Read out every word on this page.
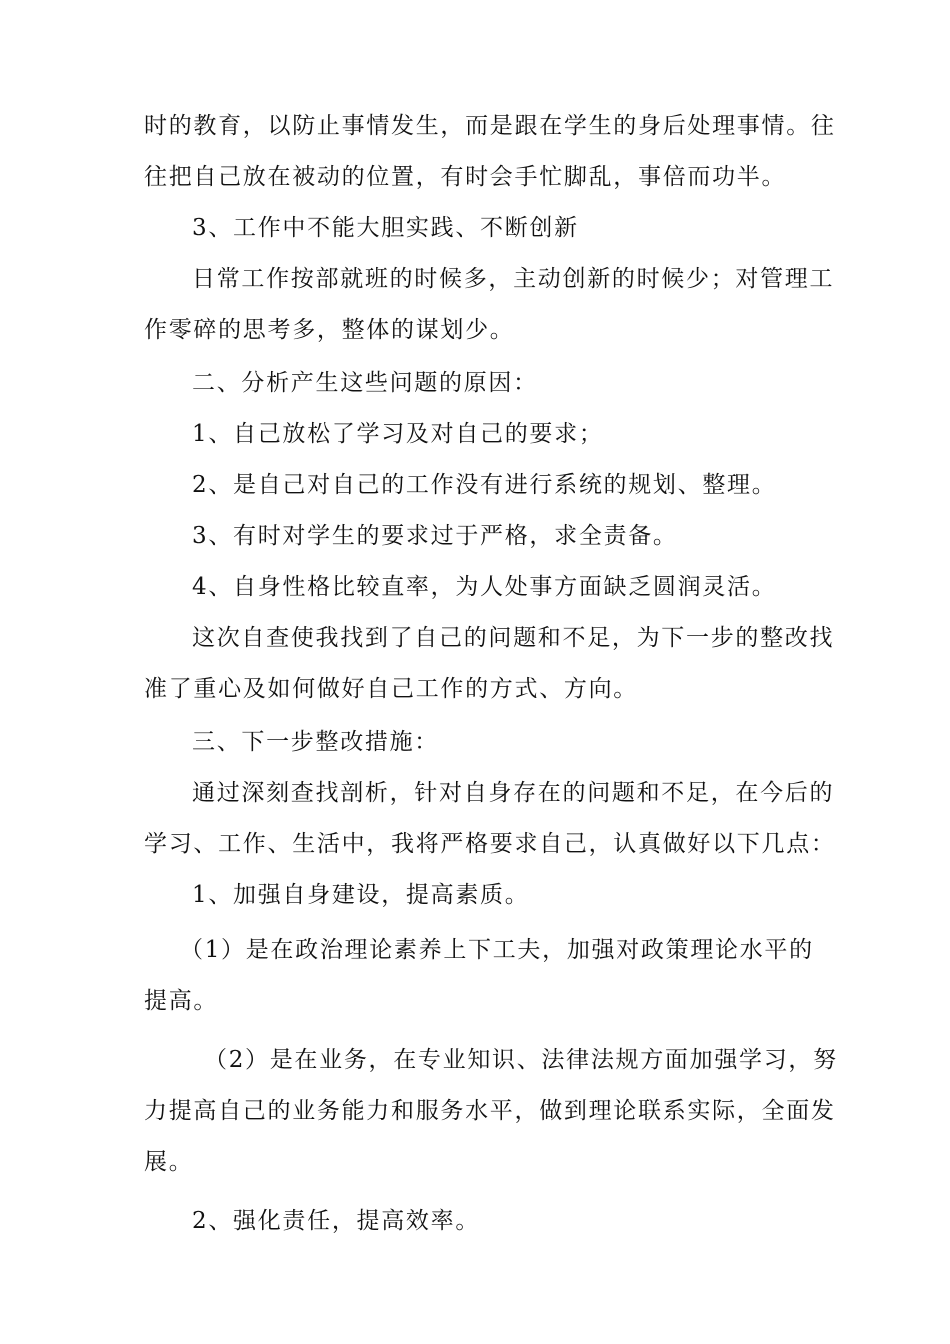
时的教育，以防止事情发生，而是跟在学生的身后处理事情。往
往把自己放在被动的位置，有时会手忙脚乱，事倍而功半。
3、工作中不能大胆实践、不断创新
日常工作按部就班的时候多，主动创新的时候少；对管理工
作零碎的思考多，整体的谋划少。
二、分析产生这些问题的原因：
1、自己放松了学习及对自己的要求；
2、是自己对自己的工作没有进行系统的规划、整理。
3、有时对学生的要求过于严格，求全责备。
4、自身性格比较直率，为人处事方面缺乏圆润灵活。
这次自查使我找到了自己的问题和不足，为下一步的整改找
准了重心及如何做好自己工作的方式、方向。
三、下一步整改措施：
通过深刻查找剖析，针对自身存在的问题和不足，在今后的
学习、工作、生活中，我将严格要求自己，认真做好以下几点：
1、加强自身建设，提高素质。
（1）是在政治理论素养上下工夫，加强对政策理论水平的
提高。
（2）是在业务，在专业知识、法律法规方面加强学习，努
力提高自己的业务能力和服务水平，做到理论联系实际，全面发
展。
2、强化责任，提高效率。
